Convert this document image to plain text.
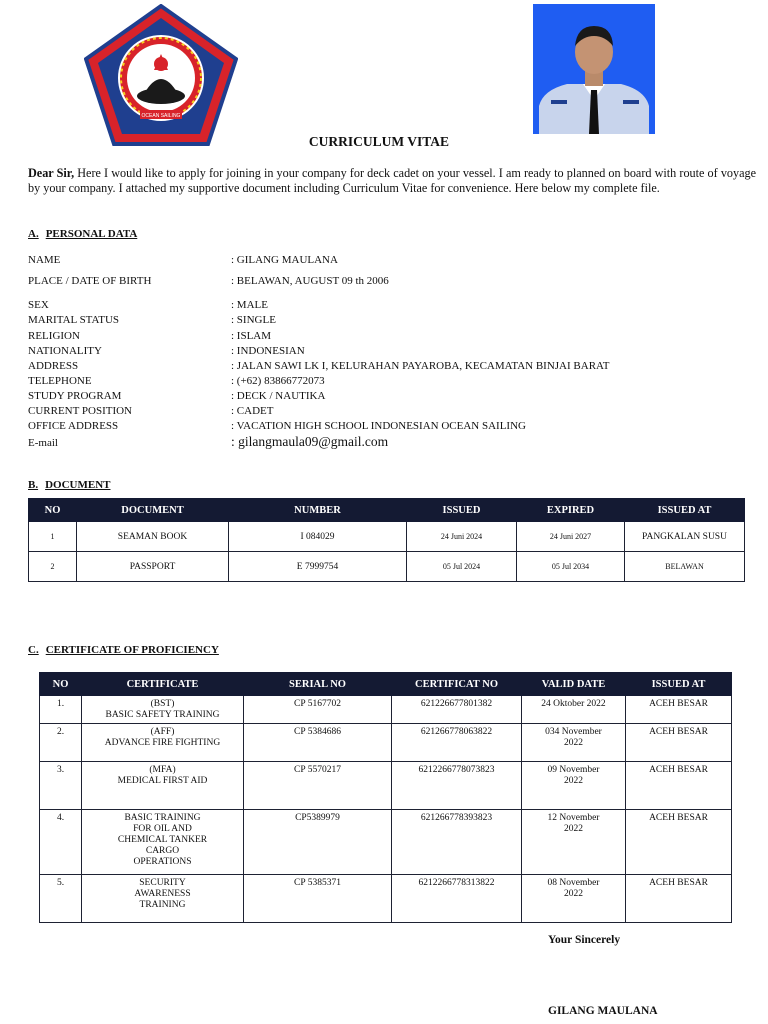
OCEAN SAILING
CURRICULUM VITAE
Dear Sir, Here I would like to apply for joining in your company for deck cadet on your vessel. I am ready to planned on board with route of voyage by your company. I attached my supportive document including Curriculum Vitae for convenience. Here below my complete file.
A. PERSONAL DATA
NAME	: GILANG MAULANA
PLACE / DATE OF BIRTH	: BELAWAN, AUGUST 09 th 2006
SEX	: MALE
MARITAL STATUS	: SINGLE
RELIGION	: ISLAM
NATIONALITY	: INDONESIAN
ADDRESS	: JALAN SAWI LK I, KELURAHAN PAYAROBA, KECAMATAN BINJAI BARAT
TELEPHONE	: (+62) 83866772073
STUDY PROGRAM	: DECK / NAUTIKA
CURRENT POSITION	: CADET
OFFICE ADDRESS	: VACATION HIGH SCHOOL INDONESIAN OCEAN SAILING
E-mail	: gilangmaula09@gmail.com
B. DOCUMENT
NO	DOCUMENT	NUMBER	ISSUED	EXPIRED	ISSUED AT
1	SEAMAN BOOK	I 084029	24 Juni 2024	24 Juni 2027	PANGKALAN SUSU
2	PASSPORT	E 7999754	05 Jul 2024	05 Jul 2034	BELAWAN
C. CERTIFICATE OF PROFICIENCY
NO	CERTIFICATE	SERIAL NO	CERTIFICAT NO	VALID DATE	ISSUED AT
1.	(BST)
BASIC SAFETY TRAINING	CP 5167702	621226677801382	24 Oktober 2022	ACEH BESAR
2.	(AFF)
ADVANCE FIRE FIGHTING	CP 5384686	621266778063822	034 November
2022	ACEH BESAR
3.	(MFA)
MEDICAL FIRST AID	CP 5570217	6212266778073823	09 November
2022	ACEH BESAR
4.	BASIC TRAINING
FOR OIL AND
CHEMICAL TANKER
CARGO
OPERATIONS	CP5389979	621266778393823	12 November
2022	ACEH BESAR
5.	SECURITY
AWARENESS
TRAINING	CP 5385371	6212266778313822	08 November
2022	ACEH BESAR
Your Sincerely
GILANG MAULANA
